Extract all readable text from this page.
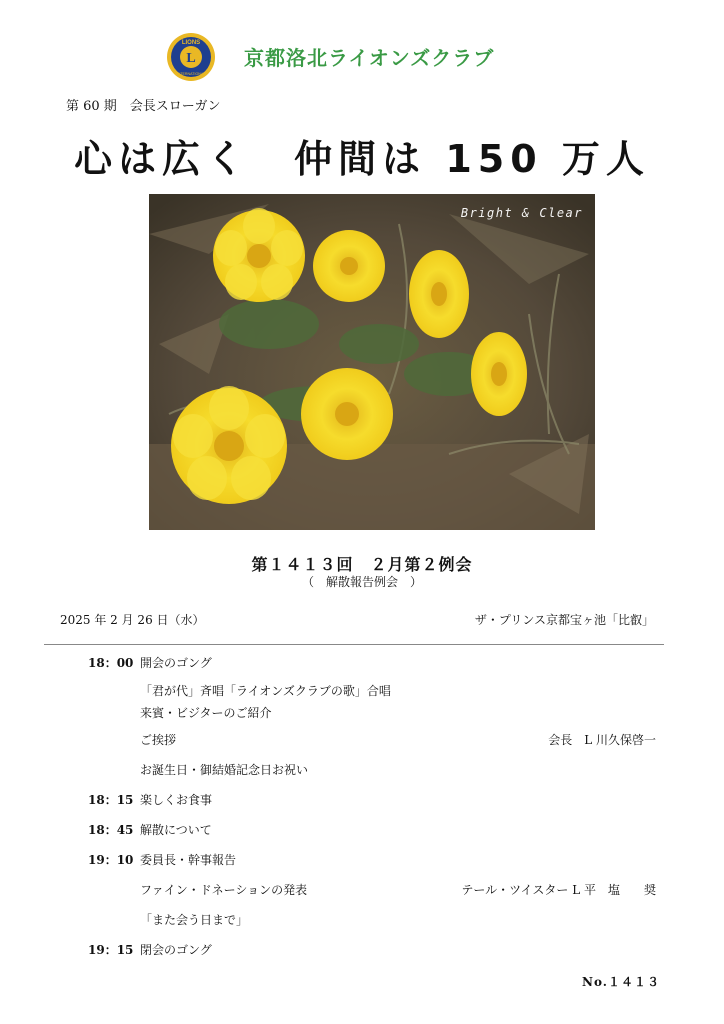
LIONS
L
INTERNATIONAL
京都洛北ライオンズクラブ
第 60 期　会長スローガン
心は広く　仲間は 150 万人
Bright & Clear
第１４１３回　２月第２例会
（　解散報告例会　）
2025 年 2 月 26 日（水）	ザ・プリンス京都宝ヶ池「比叡」
18：00 開会のゴング
「君が代」斉唱「ライオンズクラブの歌」合唱
来賓・ビジターのご紹介
ご挨拶	会長　L 川久保啓一
お誕生日・御結婚記念日お祝い
18：15 楽しくお食事
18：45 解散について
19：10 委員長・幹事報告
ファイン・ドネーションの発表	テール・ツイスター L 平　塩　　奨
「また会う日まで」
19：15 閉会のゴング
No.１４１３
